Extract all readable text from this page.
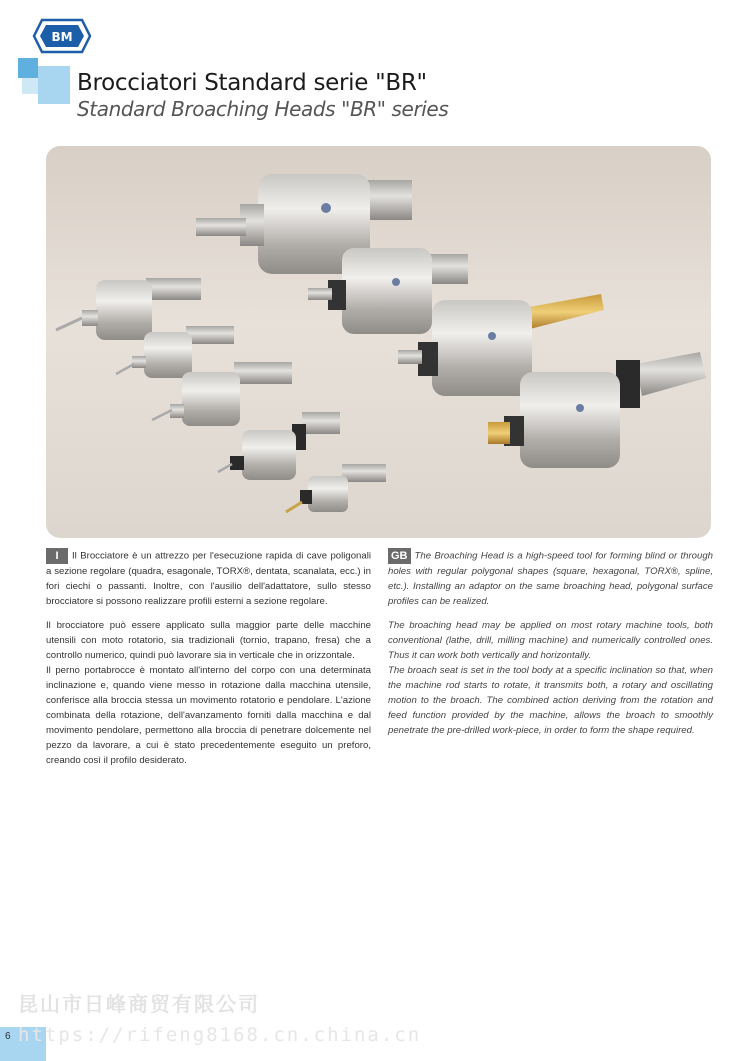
BM
Brocciatori Standard serie "BR"
Standard Broaching Heads "BR" series

I Il Brocciatore è un attrezzo per l'esecuzione rapida di cave poligonali a sezione regolare (quadra, esagonale, TORX®, dentata, scanalata, ecc.) in fori ciechi o passanti. Inoltre, con l'ausilio dell'adattatore, sullo stesso brocciatore si possono realizzare profili esterni a sezione regolare.

Il brocciatore può essere applicato sulla maggior parte delle macchine utensili con moto rotatorio, sia tradizionali (tornio, trapano, fresa) che a controllo numerico, quindi può lavorare sia in verticale che in orizzontale.

Il perno portabrocce è montato all'interno del corpo con una determinata inclinazione e, quando viene messo in rotazione dalla macchina utensile, conferisce alla broccia stessa un movimento rotatorio e pendolare. L'azione combinata della rotazione, dell'avanzamento forniti dalla macchina e dal movimento pendolare, permettono alla broccia di penetrare dolcemente nel pezzo da lavorare, a cui è stato precedentemente eseguito un preforo, creando così il profilo desiderato.

GB The Broaching Head is a high-speed tool for forming blind or through holes with regular polygonal shapes (square, hexagonal, TORX®, spline, etc.). Installing an adaptor on the same broaching head, polygonal surface profiles can be realized.

The broaching head may be applied on most rotary machine tools, both conventional (lathe, drill, milling machine) and numerically controlled ones. Thus it can work both vertically and horizontally.

The broach seat is set in the tool body at a specific inclination so that, when the machine rod starts to rotate, it transmits both, a rotary and oscillating motion to the broach. The combined action deriving from the rotation and feed function provided by the machine, allows the broach to smoothly penetrate the pre-drilled work-piece, in order to form the shape required.

昆山市日峰商贸有限公司
6 https://rifeng8168.cn.china.cn
